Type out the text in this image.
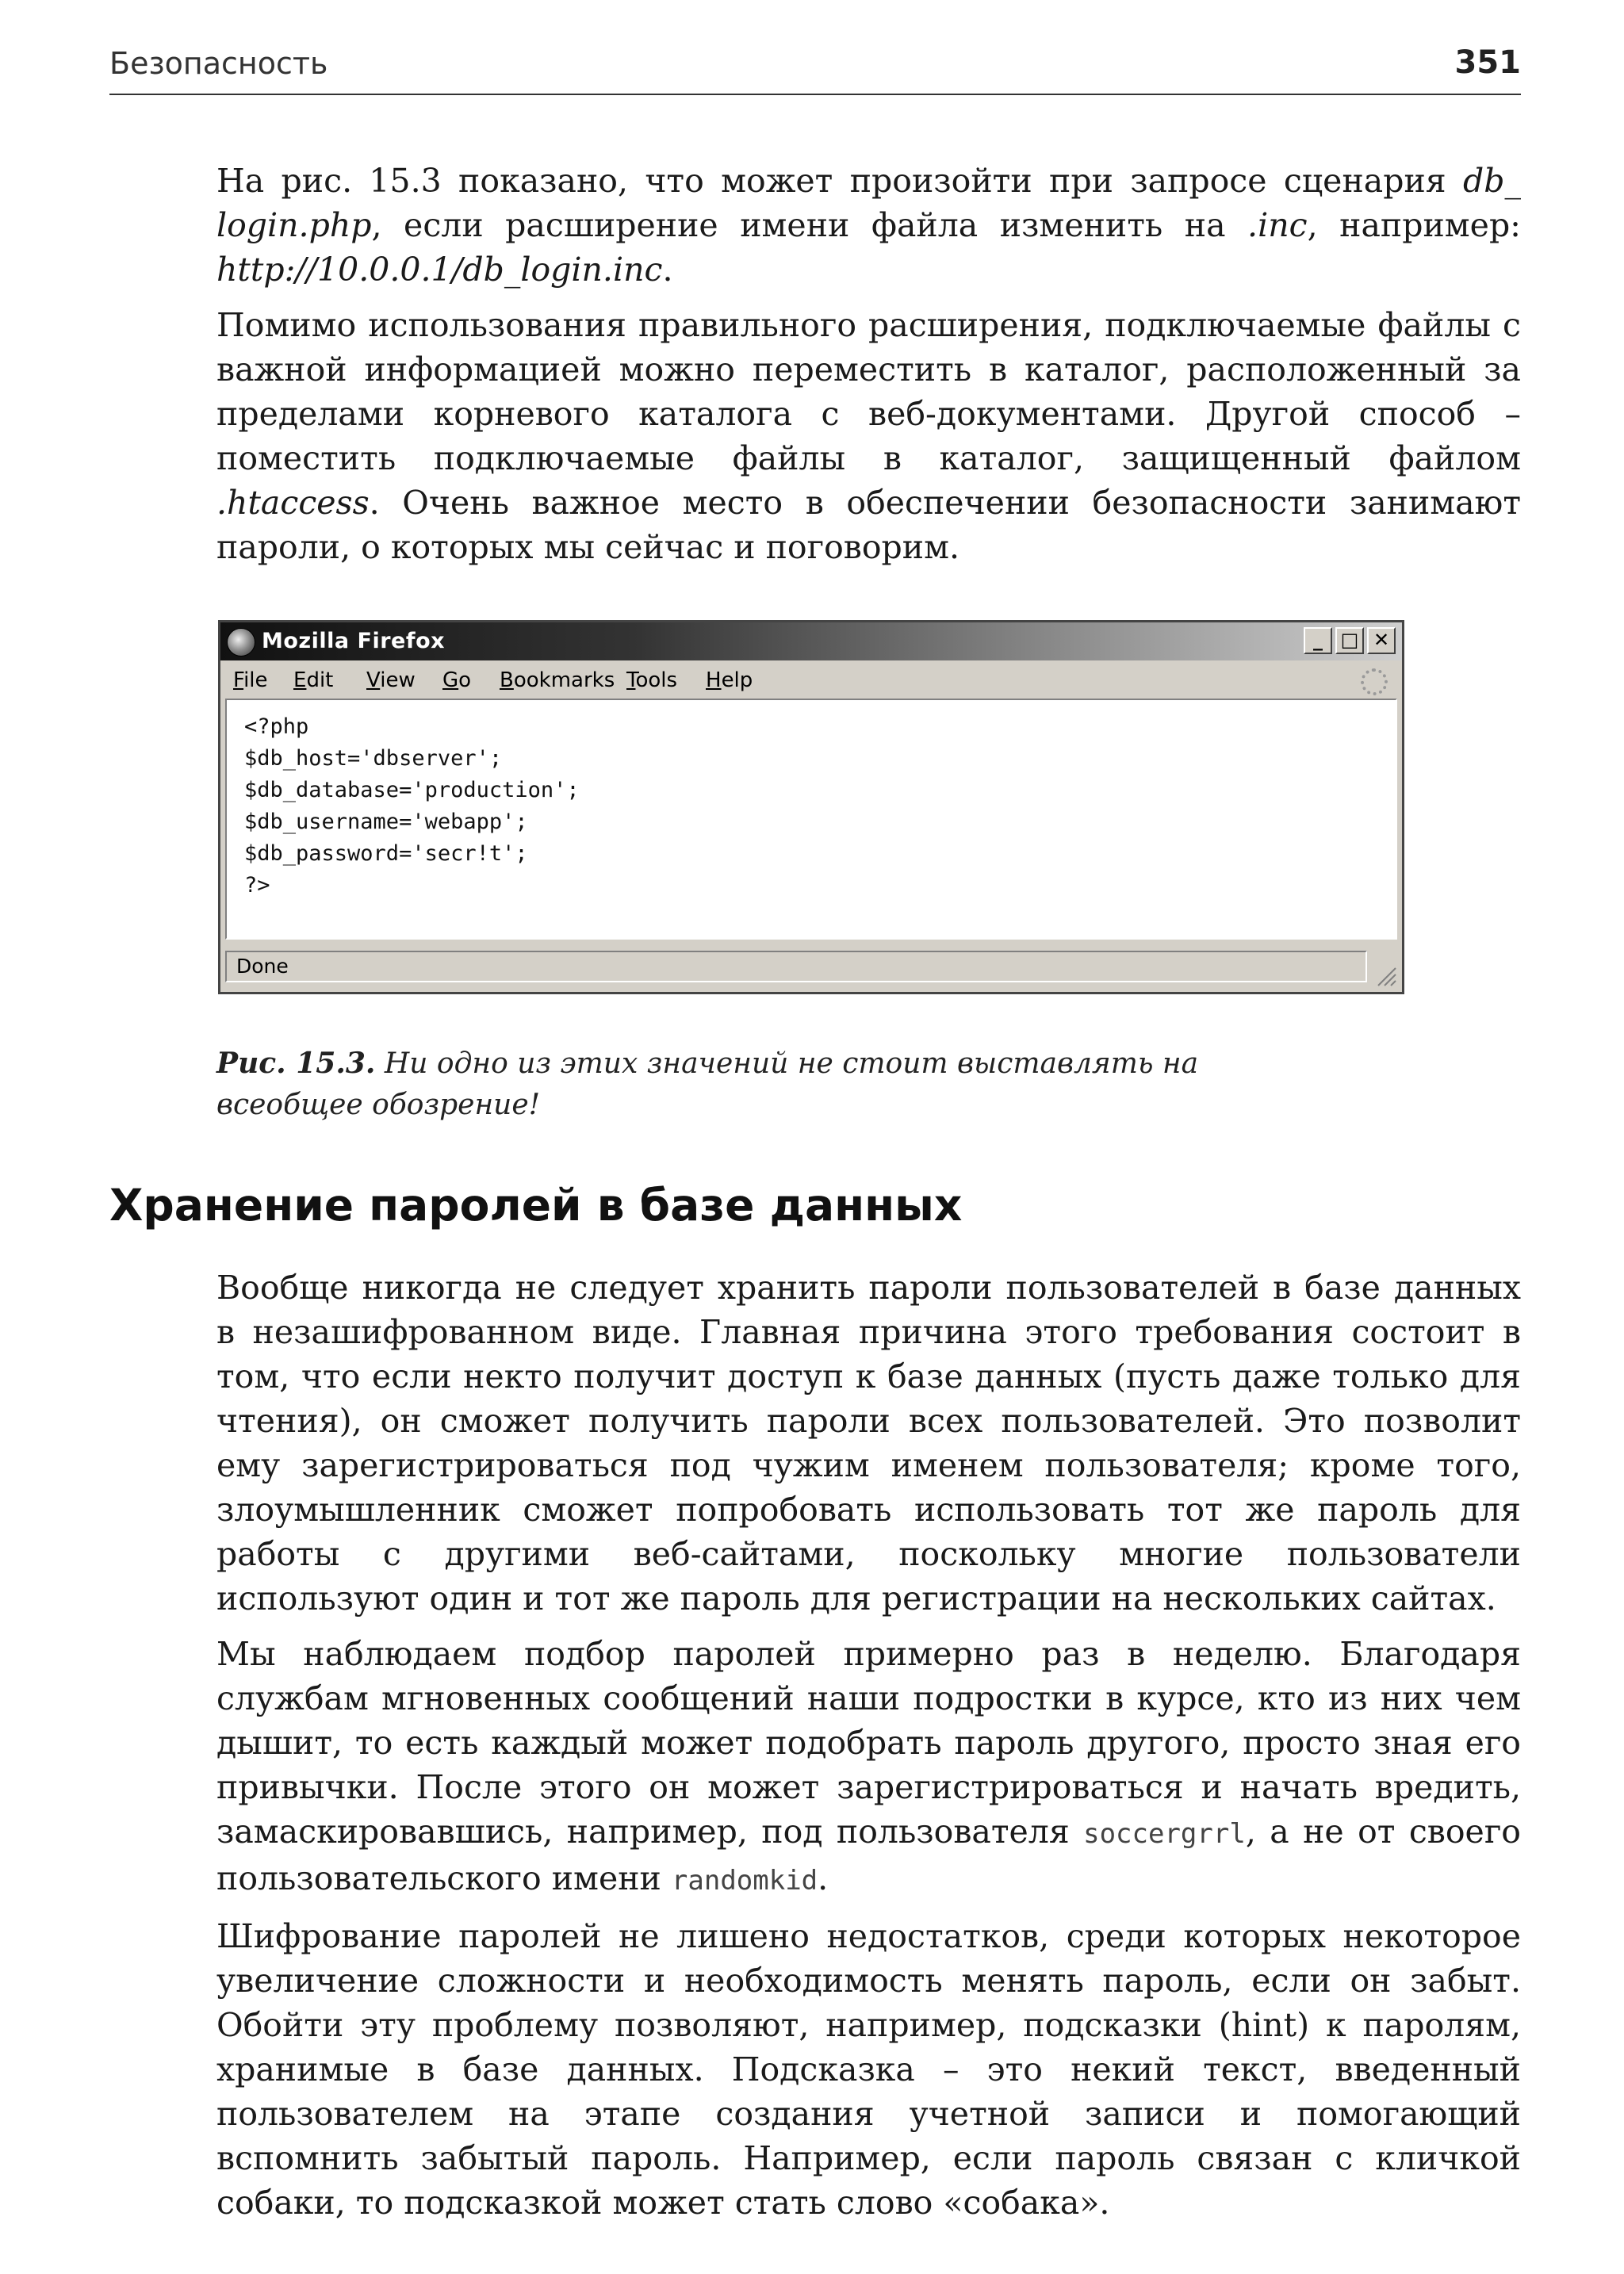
Безопасность	351

На рис. 15.3 показано, что может произойти при запросе сценария db_ login.php, если расширение имени файла изменить на .inc, например: http://10.0.0.1/db_login.inc.

Помимо использования правильного расширения, подключаемые файлы с важной информацией можно переместить в каталог, расположенный за пределами корневого каталога с веб-документами. Другой способ – поместить подключаемые файлы в каталог, защищенный файлом .htaccess. Очень важное место в обеспечении безопасности занимают пароли, о которых мы сейчас и поговорим.

Mozilla Firefox	_ □ ✕
File Edit View Go Bookmarks Tools Help
<?php
$db_host='dbserver';
$db_database='production';
$db_username='webapp';
$db_password='secr!t';
?>
Done
Рис. 15.3. Ни одно из этих значений не стоит выставлять на всеобщее обозрение!
Хранение паролей в базе данных

Вообще никогда не следует хранить пароли пользователей в базе данных в незашифрованном виде. Главная причина этого требования состоит в том, что если некто получит доступ к базе данных (пусть даже только для чтения), он сможет получить пароли всех пользователей. Это позволит ему зарегистрироваться под чужим именем пользователя; кроме того, злоумышленник сможет попробовать использовать тот же пароль для работы с другими веб-сайтами, поскольку многие пользователи используют один и тот же пароль для регистрации на нескольких сайтах.

Мы наблюдаем подбор паролей примерно раз в неделю. Благодаря службам мгновенных сообщений наши подростки в курсе, кто из них чем дышит, то есть каждый может подобрать пароль другого, просто зная его привычки. После этого он может зарегистрироваться и начать вредить, замаскировавшись, например, под пользователя soccergrrl, а не от своего пользовательского имени randomkid.

Шифрование паролей не лишено недостатков, среди которых некоторое увеличение сложности и необходимость менять пароль, если он забыт. Обойти эту проблему позволяют, например, подсказки (hint) к паролям, хранимые в базе данных. Подсказка – это некий текст, введенный пользователем на этапе создания учетной записи и помогающий вспомнить забытый пароль. Например, если пароль связан с кличкой собаки, то подсказкой может стать слово «собака».
